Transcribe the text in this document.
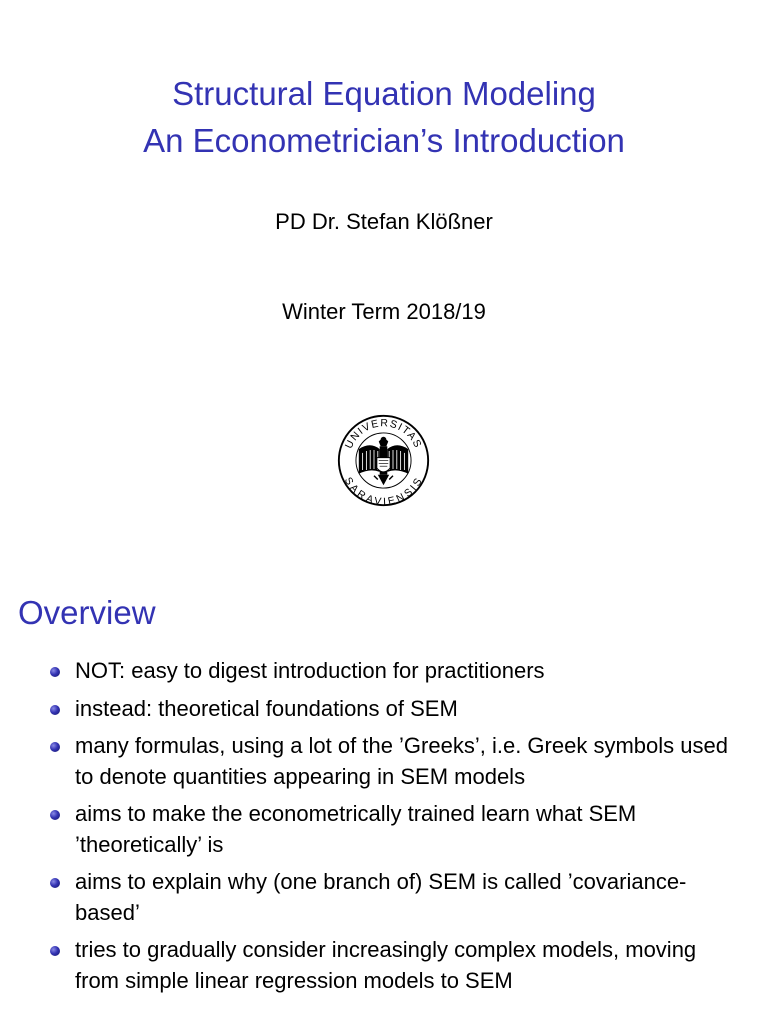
Structural Equation Modeling
An Econometrician’s Introduction
PD Dr. Stefan Klößner
Winter Term 2018/19
UNIVERSITAS
SARAVIENSIS
Overview
NOT: easy to digest introduction for practitioners
instead: theoretical foundations of SEM
many formulas, using a lot of the ’Greeks’, i.e. Greek symbols used to denote quantities appearing in SEM models
aims to make the econometrically trained learn what SEM ’theoretically’ is
aims to explain why (one branch of) SEM is called ’covariance-based’
tries to gradually consider increasingly complex models, moving from simple linear regression models to SEM
